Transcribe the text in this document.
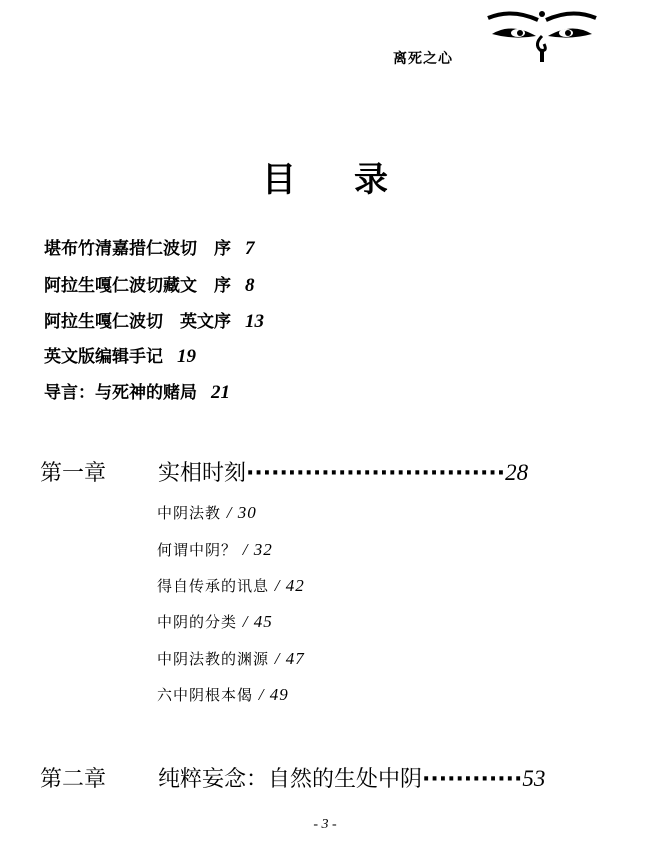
离死之心
目 录
堪布竹清嘉措仁波切　序 7
阿拉生嘎仁波切藏文　序 8
阿拉生嘎仁波切　英文序 13
英文版编辑手记 19
导言：与死神的赌局 21
第一章 实相时刻·······························28
中阴法教 / 30
何谓中阴？ / 32
得自传承的讯息 / 42
中阴的分类 / 45
中阴法教的渊源 / 47
六中阴根本偈 / 49
第二章 纯粹妄念：自然的生处中阴············53
- 3 -
